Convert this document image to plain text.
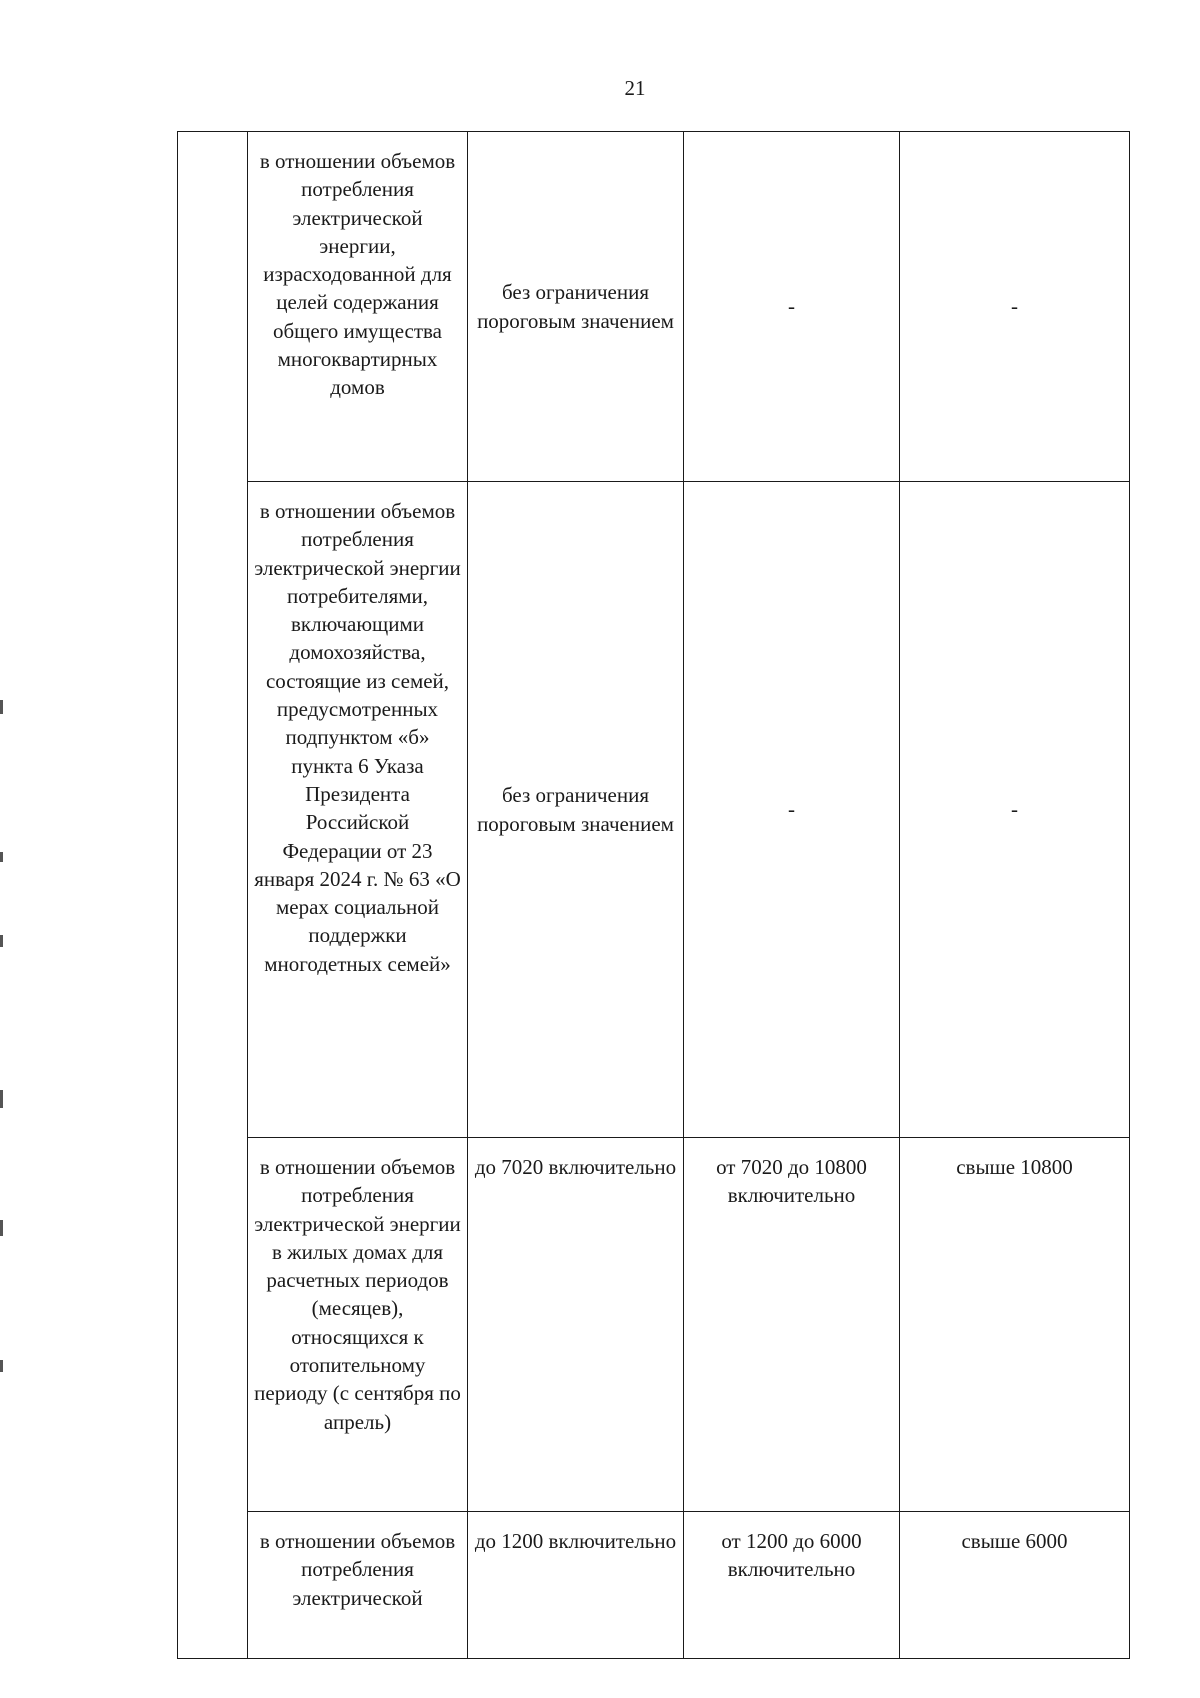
21
	в отношении объемов потребления электрической энергии, израсходованной для целей содержания общего имущества многоквартирных домов	без ограничения пороговым значением	-	-
	в отношении объемов потребления электрической энергии потребителями, включающими домохозяйства, состоящие из семей, предусмотренных подпунктом «б» пункта 6 Указа Президента Российской Федерации от 23 января 2024 г. № 63 «О мерах социальной поддержки многодетных семей»	без ограничения пороговым значением	-	-
	в отношении объемов потребления электрической энергии в жилых домах для расчетных периодов (месяцев), относящихся к отопительному периоду (с сентября по апрель)	до 7020 включительно	от 7020 до 10800 включительно	свыше 10800
	в отношении объемов потребления электрической	до 1200 включительно	от 1200 до 6000 включительно	свыше 6000
